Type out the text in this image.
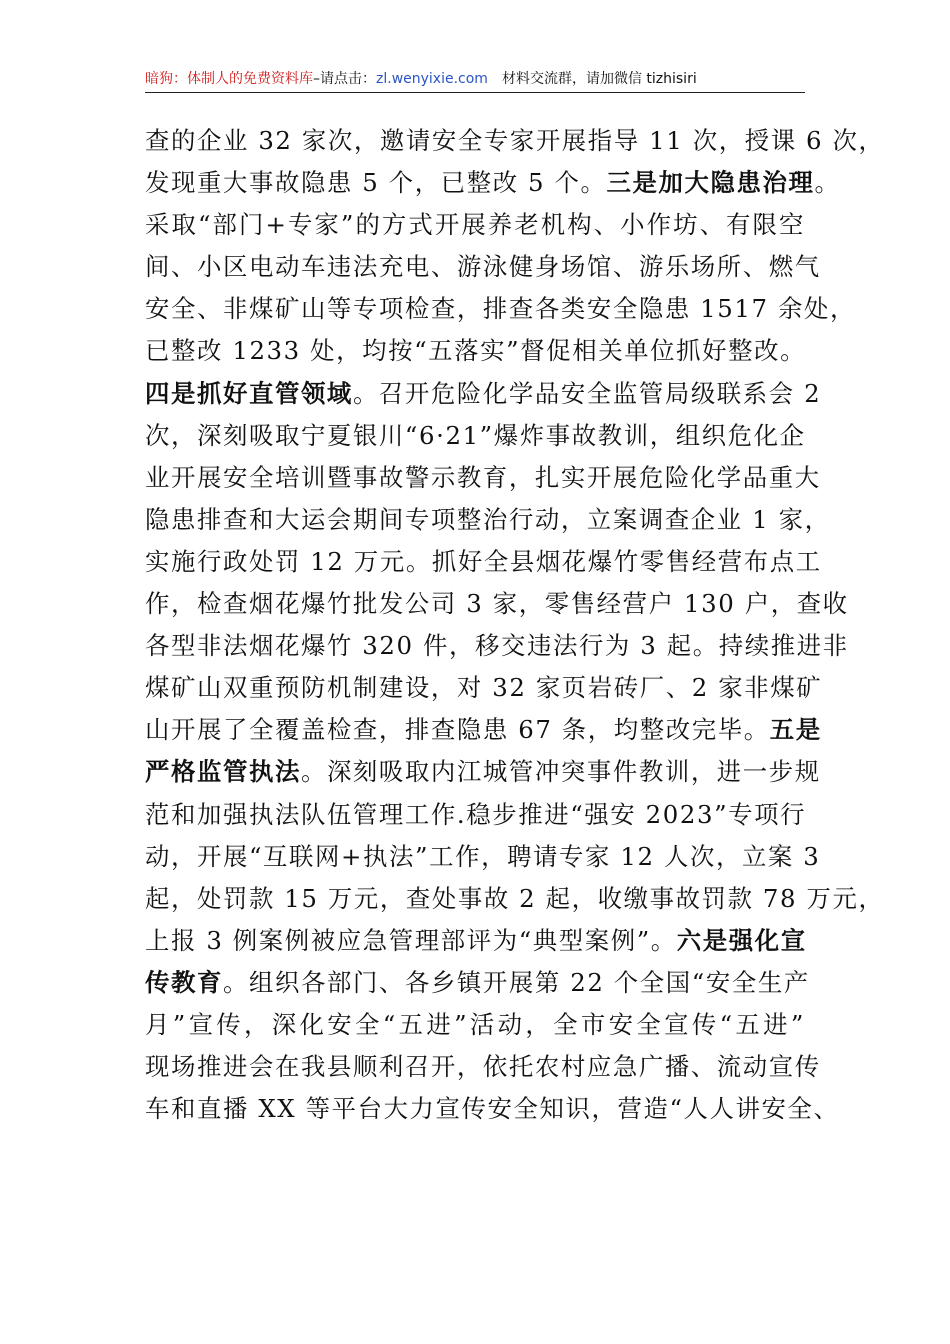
暗狗：体制人的免费资料库–请点击：zl.wenyixie.com 材料交流群，请加微信 tizhisiri
查的企业 32 家次，邀请安全专家开展指导 11 次，授课 6 次，
发现重大事故隐患 5 个，已整改 5 个。三是加大隐患治理。
采取“部门+专家”的方式开展养老机构、小作坊、有限空
间、小区电动车违法充电、游泳健身场馆、游乐场所、燃气
安全、非煤矿山等专项检查，排查各类安全隐患 1517 余处，
已整改 1233 处，均按“五落实”督促相关单位抓好整改。
四是抓好直管领域。召开危险化学品安全监管局级联系会 2
次，深刻吸取宁夏银川“6·21”爆炸事故教训，组织危化企
业开展安全培训暨事故警示教育，扎实开展危险化学品重大
隐患排查和大运会期间专项整治行动，立案调查企业 1 家，
实施行政处罚 12 万元。抓好全县烟花爆竹零售经营布点工
作，检查烟花爆竹批发公司 3 家，零售经营户 130 户，查收
各型非法烟花爆竹 320 件，移交违法行为 3 起。持续推进非
煤矿山双重预防机制建设，对 32 家页岩砖厂、2 家非煤矿
山开展了全覆盖检查，排查隐患 67 条，均整改完毕。五是
严格监管执法。深刻吸取内江城管冲突事件教训，进一步规
范和加强执法队伍管理工作.稳步推进“强安 2023”专项行
动，开展“互联网+执法”工作，聘请专家 12 人次，立案 3
起，处罚款 15 万元，查处事故 2 起，收缴事故罚款 78 万元，
上报 3 例案例被应急管理部评为“典型案例”。六是强化宣
传教育。组织各部门、各乡镇开展第 22 个全国“安全生产
月”宣传，深化安全“五进”活动，全市安全宣传“五进”
现场推进会在我县顺利召开，依托农村应急广播、流动宣传
车和直播 XX 等平台大力宣传安全知识，营造“人人讲安全、
